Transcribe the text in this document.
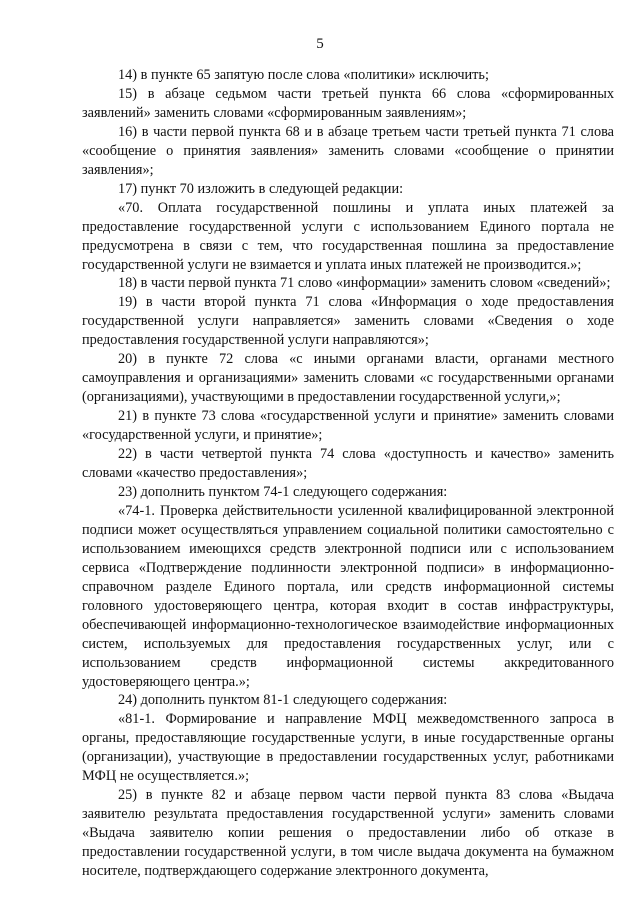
5

14) в пункте 65 запятую после слова «политики» исключить;

15) в абзаце седьмом части третьей пункта 66 слова «сформированных заявлений» заменить словами «сформированным заявлениям»;

16) в части первой пункта 68 и в абзаце третьем части третьей пункта 71 слова «сообщение о принятия заявления» заменить словами «сообщение о принятии заявления»;

17) пункт 70 изложить в следующей редакции:

«70. Оплата государственной пошлины и уплата иных платежей за предоставление государственной услуги с использованием Единого портала не предусмотрена в связи с тем, что государственная пошлина за предоставление государственной услуги не взимается и уплата иных платежей не производится.»;

18) в части первой пункта 71 слово «информации» заменить словом «сведений»;

19) в части второй пункта 71 слова «Информация о ходе предоставления государственной услуги направляется» заменить словами «Сведения о ходе предоставления государственной услуги направляются»;

20) в пункте 72 слова «с иными органами власти, органами местного самоуправления и организациями» заменить словами «с государственными органами (организациями), участвующими в предоставлении государственной услуги,»;

21) в пункте 73 слова «государственной услуги и принятие» заменить словами «государственной услуги, и принятие»;

22) в части четвертой пункта 74 слова «доступность и качество» заменить словами «качество предоставления»;

23) дополнить пунктом 74-1 следующего содержания:

«74-1. Проверка действительности усиленной квалифицированной электронной подписи может осуществляться управлением социальной политики самостоятельно с использованием имеющихся средств электронной подписи или с использованием сервиса «Подтверждение подлинности электронной подписи» в информационно-справочном разделе Единого портала, или средств информационной системы головного удостоверяющего центра, которая входит в состав инфраструктуры, обеспечивающей информационно-технологическое взаимодействие информационных систем, используемых для предоставления государственных услуг, или с использованием средств информационной системы аккредитованного удостоверяющего центра.»;

24) дополнить пунктом 81-1 следующего содержания:

«81-1. Формирование и направление МФЦ межведомственного запроса в органы, предоставляющие государственные услуги, в иные государственные органы (организации), участвующие в предоставлении государственных услуг, работниками МФЦ не осуществляется.»;

25) в пункте 82 и абзаце первом части первой пункта 83 слова «Выдача заявителю результата предоставления государственной услуги» заменить словами «Выдача заявителю копии решения о предоставлении либо об отказе в предоставлении государственной услуги, в том числе выдача документа на бумажном носителе, подтверждающего содержание электронного документа,
